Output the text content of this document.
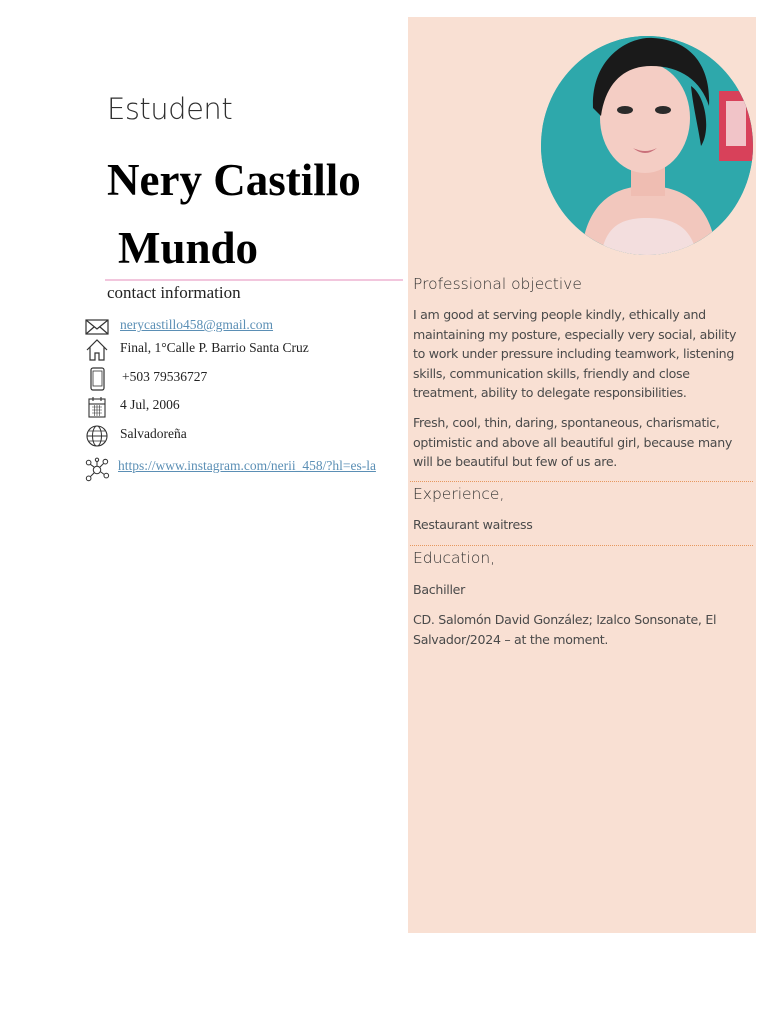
Estudent
Nery Castillo
Mundo
contact information
nerycastillo458@gmail.com
Final, 1°Calle P. Barrio Santa Cruz
+503 79536727
4 Jul, 2006
Salvadoreña
https://www.instagram.com/nerii_458/?hl=es-la
Professional objective
I am good at serving people kindly, ethically and maintaining my posture, especially very social, ability to work under pressure including teamwork, listening skills, communication skills, friendly and close treatment, ability to delegate responsibilities.
Fresh, cool, thin, daring, spontaneous, charismatic, optimistic and above all beautiful girl, because many will be beautiful but few of us are.
Experience,
Restaurant waitress
Education,
Bachiller
CD. Salomón David González; Izalco Sonsonate, El Salvador/2024 – at the moment.
